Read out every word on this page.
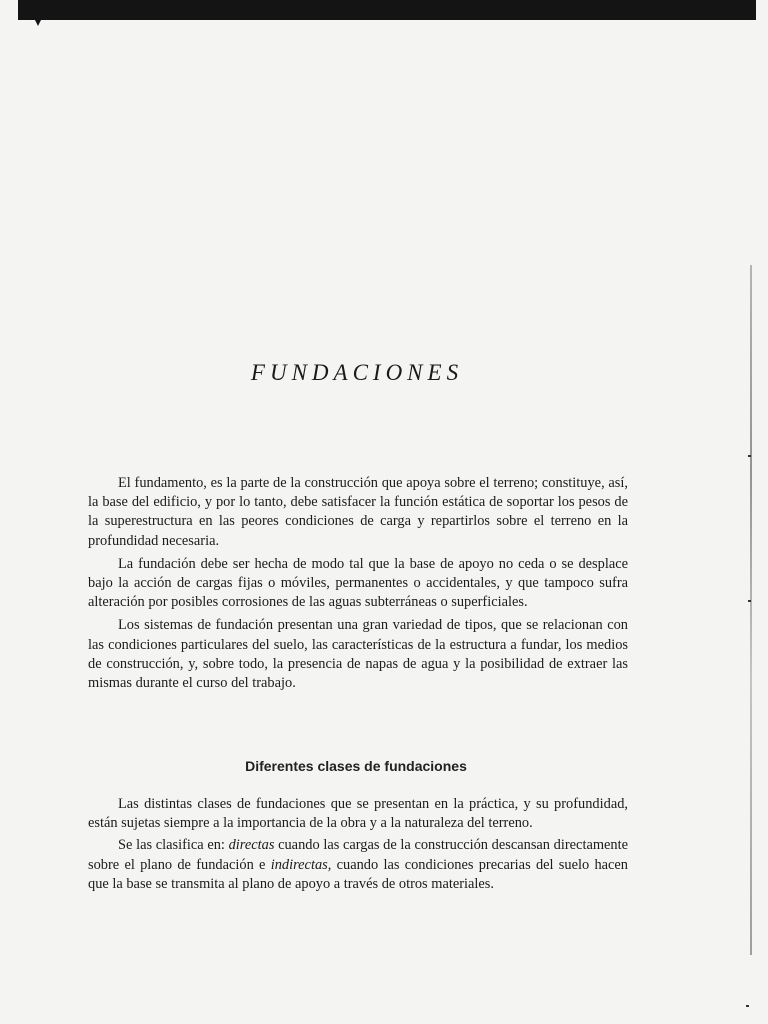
FUNDACIONES

El fundamento, es la parte de la construcción que apoya sobre el terreno; constituye, así, la base del edificio, y por lo tanto, debe satisfacer la función estática de soportar los pesos de la superestructura en las peores condiciones de carga y repartirlos sobre el terreno en la profundidad necesaria.

La fundación debe ser hecha de modo tal que la base de apoyo no ceda o se desplace bajo la acción de cargas fijas o móviles, permanentes o accidentales, y que tampoco sufra alteración por posibles corrosiones de las aguas subterráneas o superficiales.

Los sistemas de fundación presentan una gran variedad de tipos, que se relacionan con las condiciones particulares del suelo, las características de la estructura a fundar, los medios de construcción, y, sobre todo, la presencia de napas de agua y la posibilidad de extraer las mismas durante el curso del trabajo.

Diferentes clases de fundaciones

Las distintas clases de fundaciones que se presentan en la práctica, y su profundidad, están sujetas siempre a la importancia de la obra y a la naturaleza del terreno.

Se las clasifica en: directas cuando las cargas de la construcción descansan directamente sobre el plano de fundación e indirectas, cuando las condiciones precarias del suelo hacen que la base se transmita al plano de apoyo a través de otros materiales.
